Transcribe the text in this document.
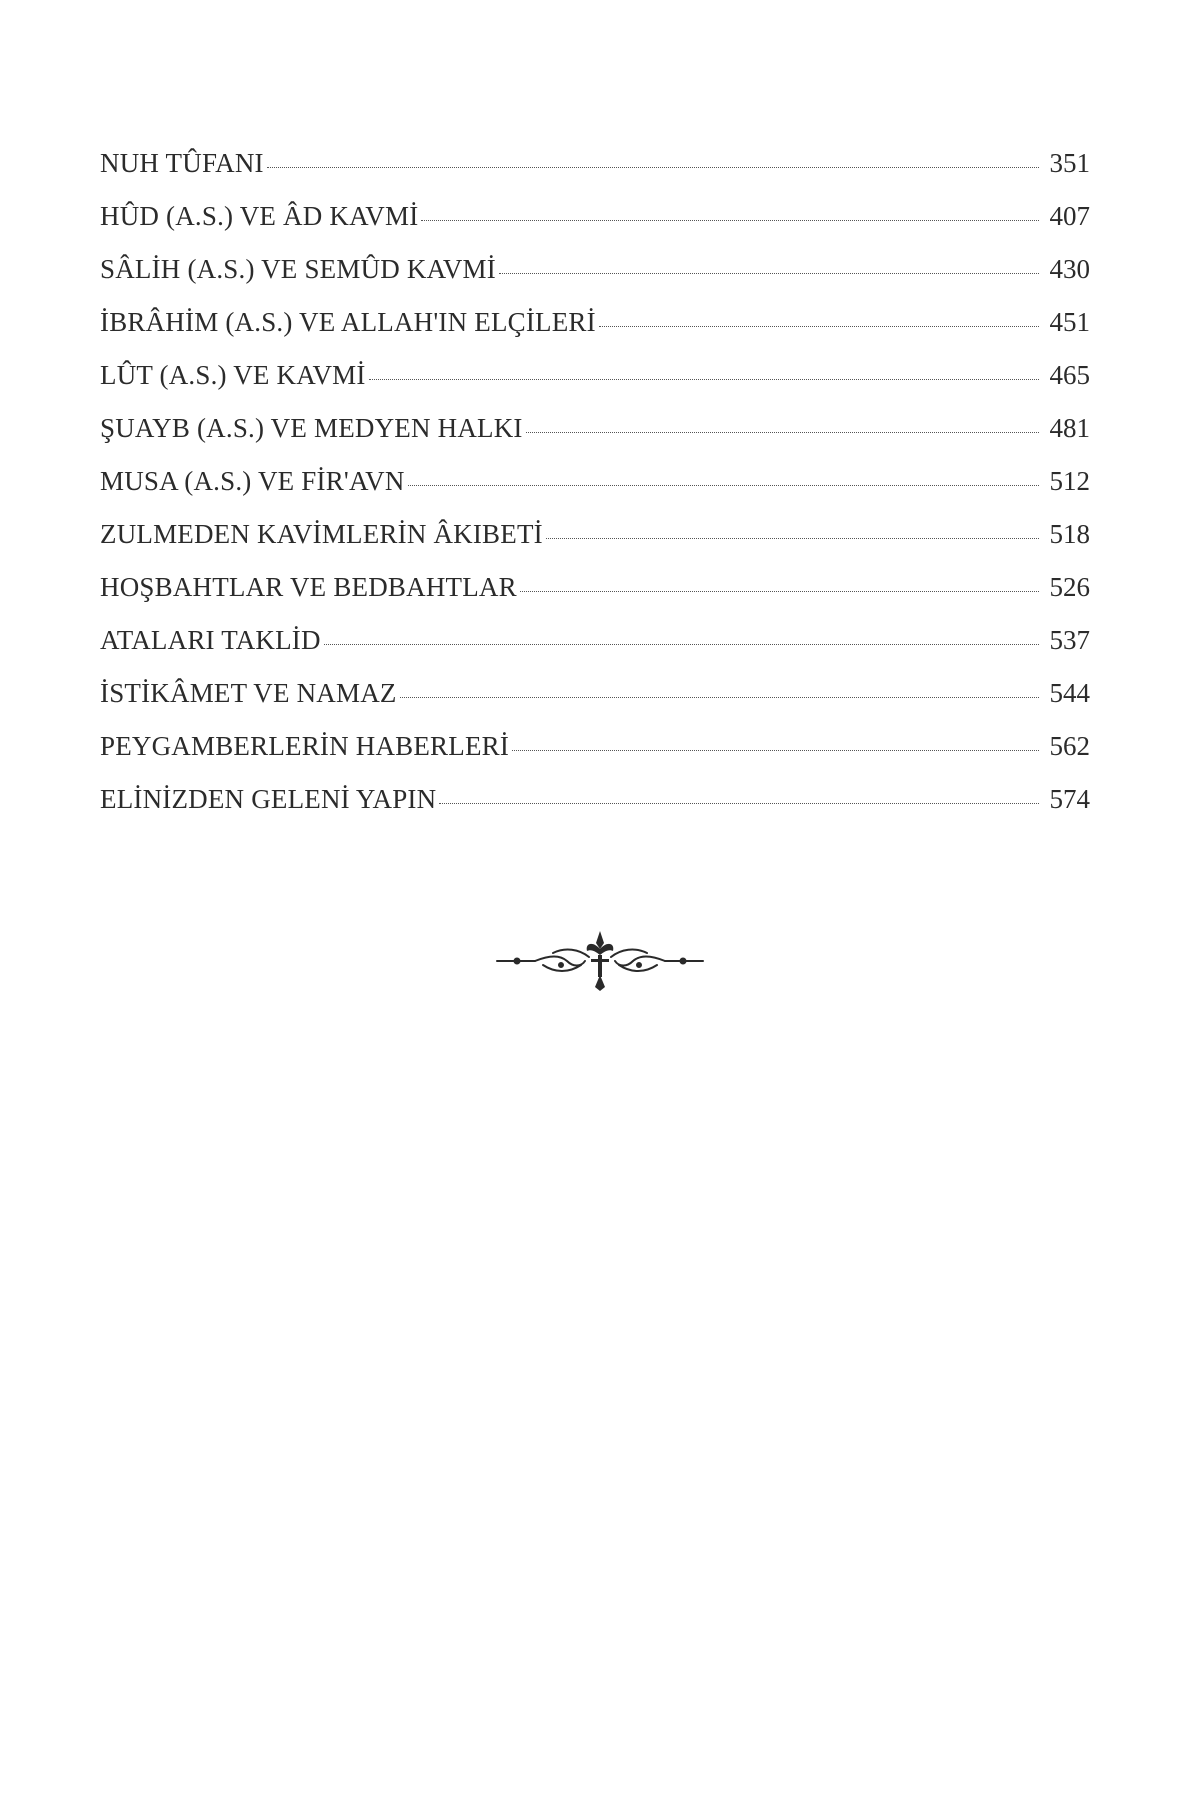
NUH TÛFANI	351
HÛD (A.S.) VE ÂD KAVMİ	407
SÂLİH (A.S.) VE SEMÛD KAVMİ	430
İBRÂHİM (A.S.) VE ALLAH'IN ELÇİLERİ	451
LÛT (A.S.) VE KAVMİ	465
ŞUAYB (A.S.) VE MEDYEN HALKI	481
MUSA (A.S.) VE FİR'AVN	512
ZULMEDEN KAVİMLERİN ÂKIBETİ	518
HOŞBAHTLAR VE BEDBAHTLAR	526
ATALARI TAKLİD	537
İSTİKÂMET VE NAMAZ	544
PEYGAMBERLERİN HABERLERİ	562
ELİNİZDEN GELENİ YAPIN	574
